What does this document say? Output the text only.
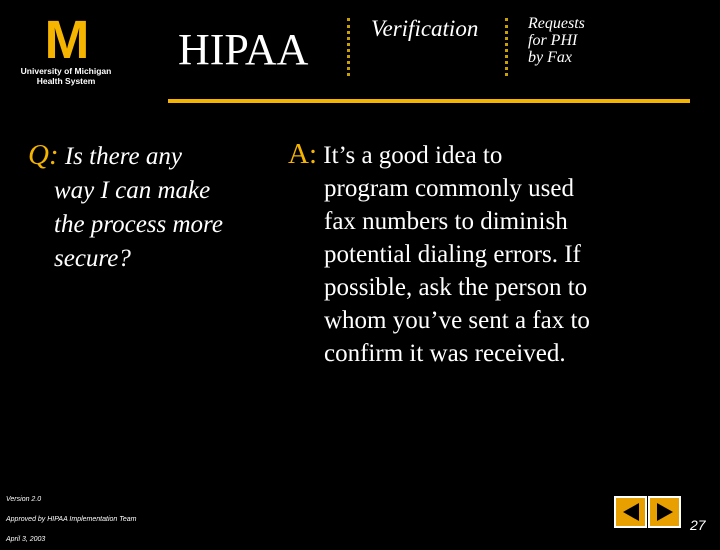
M
University of Michigan
Health System
HIPAA	Verification	Requests
for PHI
by Fax
Q: Is there any
way I can make
the process more
secure?
A: It’s a good idea to
program commonly used
fax numbers to diminish
potential dialing errors. If
possible, ask the person to
whom you’ve sent a fax to
confirm it was received.
Version 2.0
Approved by HIPAA Implementation Team
April 3, 2003
27
